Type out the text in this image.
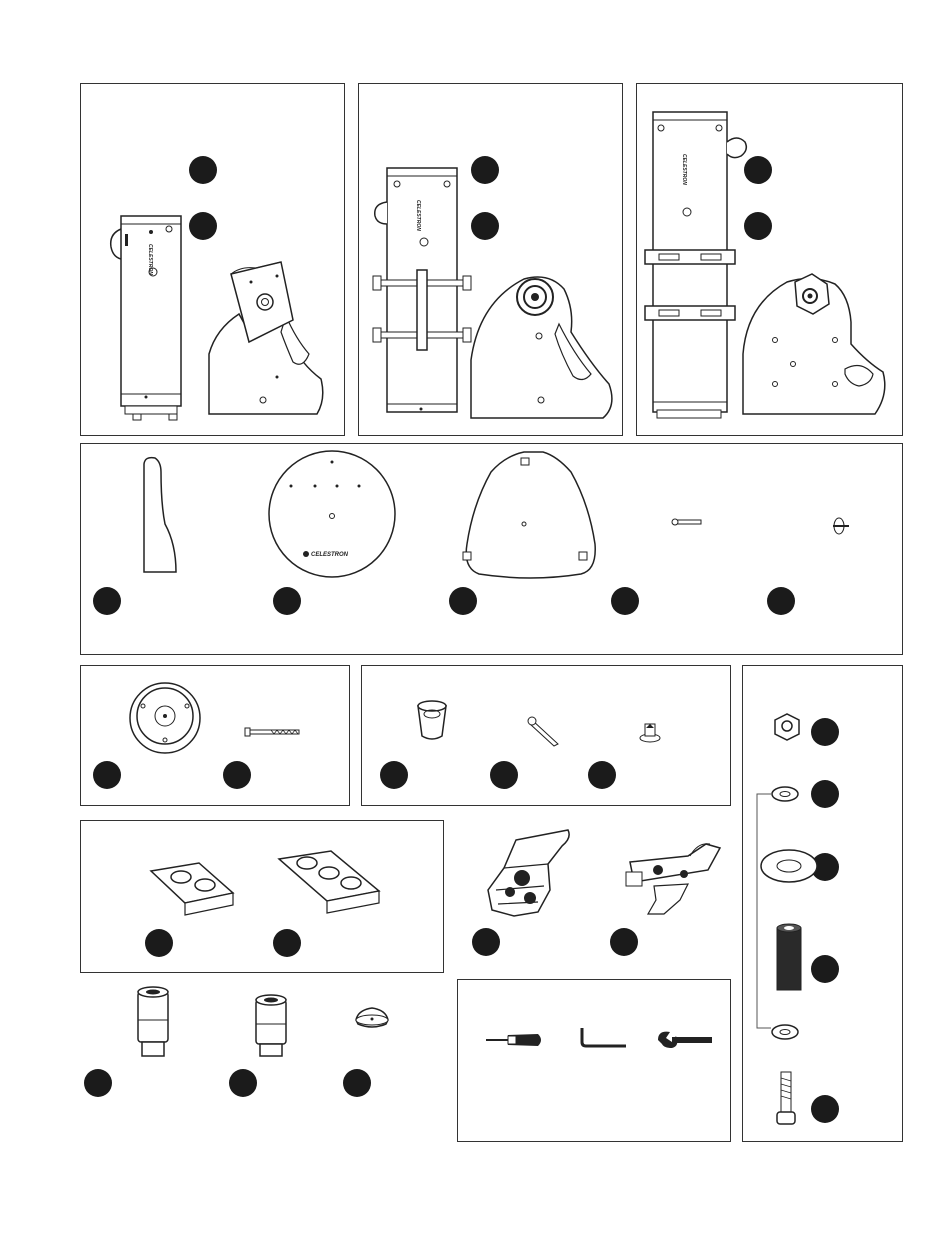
CELESTRON
CELESTRON
CELESTRON
CELESTRON
